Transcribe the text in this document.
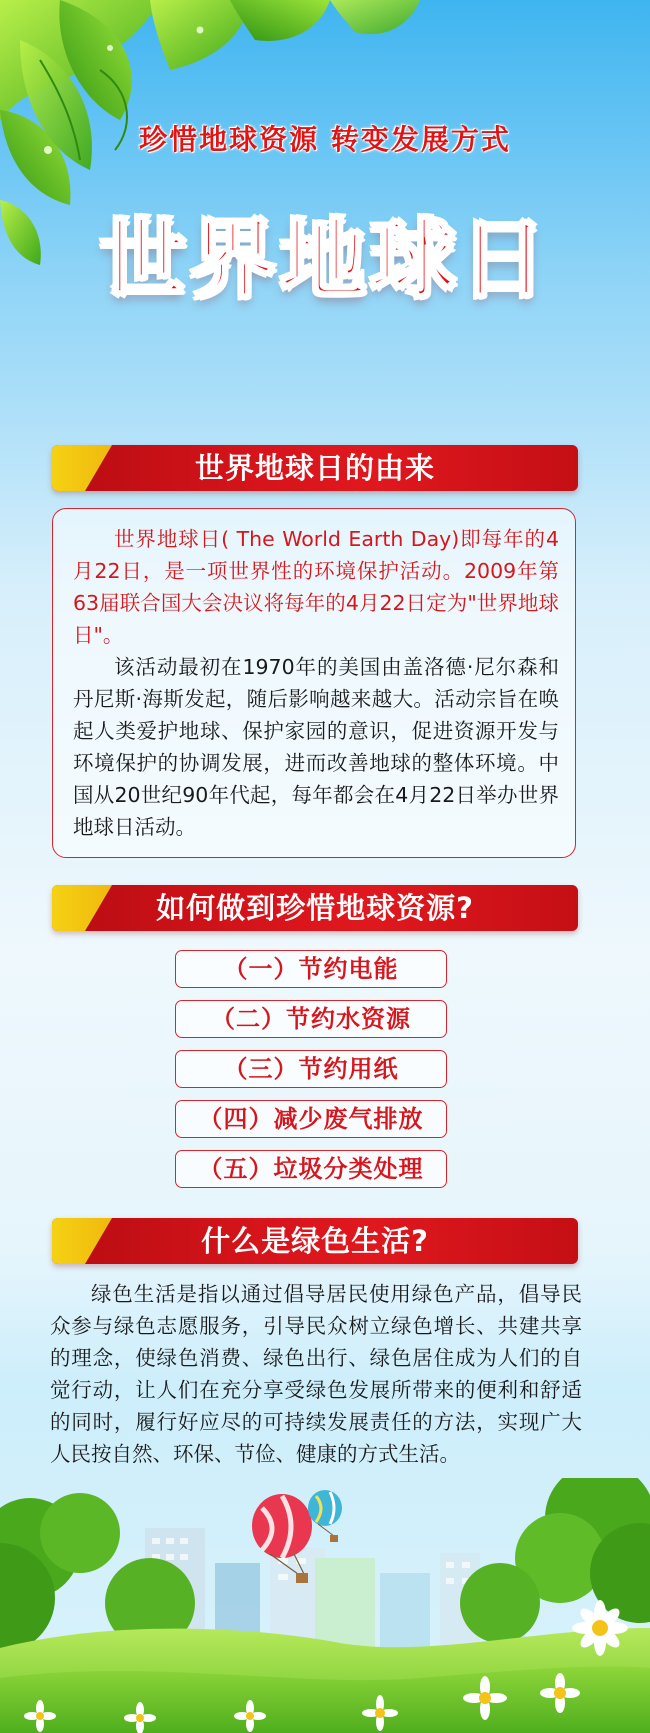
珍惜地球资源 转变发展方式
世界地球日
世界地球日的由来

世界地球日( The World Earth Day)即每年的4月22日，是一项世界性的环境保护活动。2009年第63届联合国大会决议将每年的4月22日定为"世界地球日"。

该活动最初在1970年的美国由盖洛德·尼尔森和丹尼斯·海斯发起，随后影响越来越大。活动宗旨在唤起人类爱护地球、保护家园的意识，促进资源开发与环境保护的协调发展，进而改善地球的整体环境。中国从20世纪90年代起，每年都会在4月22日举办世界地球日活动。

如何做到珍惜地球资源?
（一）节约电能
（二）节约水资源
（三）节约用纸
（四）减少废气排放
（五）垃圾分类处理
什么是绿色生活?

绿色生活是指以通过倡导居民使用绿色产品，倡导民众参与绿色志愿服务，引导民众树立绿色增长、共建共享的理念，使绿色消费、绿色出行、绿色居住成为人们的自觉行动，让人们在充分享受绿色发展所带来的便利和舒适的同时，履行好应尽的可持续发展责任的方法，实现广大人民按自然、环保、节俭、健康的方式生活。
